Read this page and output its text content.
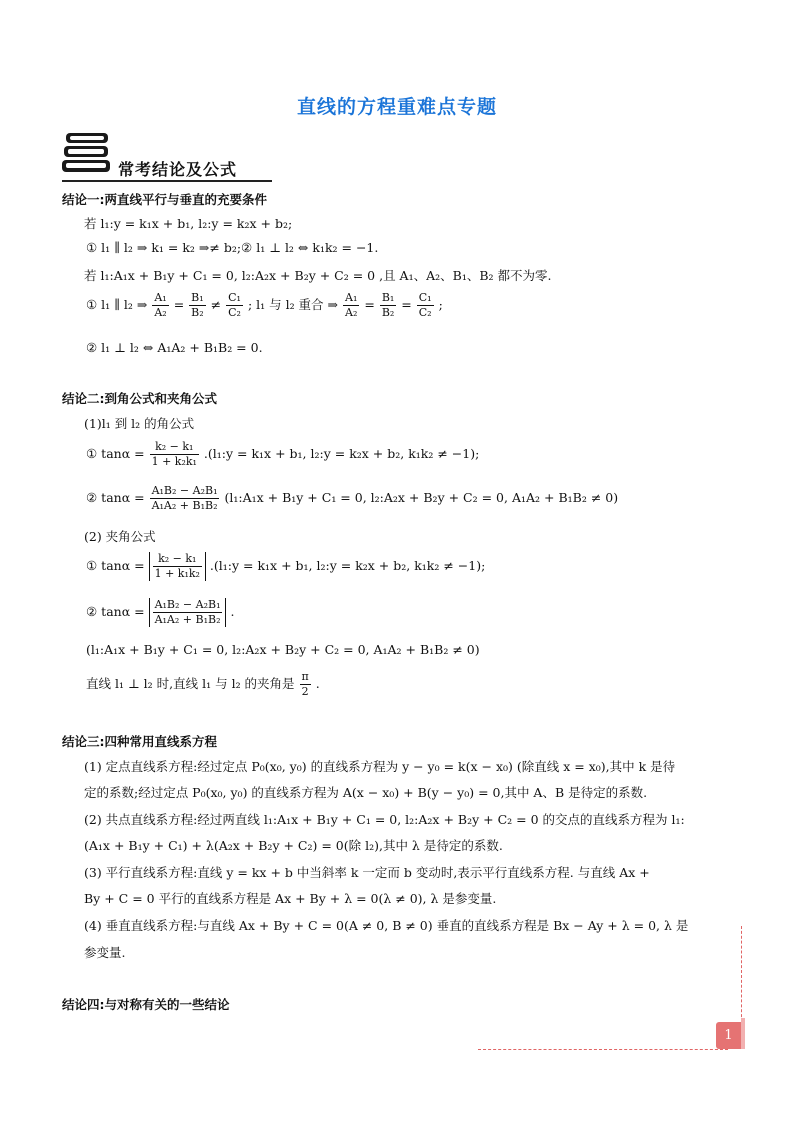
直线的方程重难点专题
常考结论及公式
结论一:两直线平行与垂直的充要条件
若 l₁:y = k₁x + b₁, l₂:y = k₂x + b₂;
① l₁ ∥ l₂ ⇒ k₁ = k₂ ⇒≠ b₂;② l₁ ⊥ l₂ ⇔ k₁k₂ = −1.
若 l₁:A₁x + B₁y + C₁ = 0, l₂:A₂x + B₂y + C₂ = 0 ,且 A₁、A₂、B₁、B₂ 都不为零.
① l₁ ∥ l₂ ⇒ $\frac{\text{A₁}}{\text{A₂}} = \frac{\text{B₁}}{\text{B₂}} \ne \frac{\text{C₁}}{\text{C₂}}$ ; l₁ 与 l₂ 重合 ⇒ $\frac{\text{A₁}}{\text{A₂}} = \frac{\text{B₁}}{\text{B₂}} = \frac{\text{C₁}}{\text{C₂}}$ ;
② l₁ ⊥ l₂ ⇔ A₁A₂ + B₁B₂ = 0.
结论二:到角公式和夹角公式
(1)l₁ 到 l₂ 的角公式
① $\tan\alpha = \frac{\text{k₂ − k₁}}{\text{1 + k₂k₁}}$ .(l₁:y = k₁x + b₁, l₂:y = k₂x + b₂, k₁k₂ ≠ −1);
② $\tan\alpha = \frac{\text{A₁B₂ − A₂B₁}}{\text{A₁A₂ + B₁B₂}}$ (l₁:A₁x + B₁y + C₁ = 0, l₂:A₂x + B₂y + C₂ = 0, A₁A₂ + B₁B₂ ≠ 0)
(2) 夹角公式
① $\tan\alpha = \frac{\text{k₂ − k₁}}{\text{1 + k₁k₂}}$ .(l₁:y = k₁x + b₁, l₂:y = k₂x + b₂, k₁k₂ ≠ −1);
② $\tan\alpha = \frac{\text{A₁B₂ − A₂B₁}}{\text{A₁A₂ + B₁B₂}}$ .
(l₁:A₁x + B₁y + C₁ = 0, l₂:A₂x + B₂y + C₂ = 0, A₁A₂ + B₁B₂ ≠ 0)
直线 l₁ ⊥ l₂ 时,直线 l₁ 与 l₂ 的夹角是 $\frac{\pi}{2}$ .
结论三:四种常用直线系方程
(1) 定点直线系方程:经过定点 P₀(x₀, y₀) 的直线系方程为 y − y₀ = k(x − x₀) (除直线 x = x₀),其中 k 是待
定的系数;经过定点 P₀(x₀, y₀) 的直线系方程为 A(x − x₀) + B(y − y₀) = 0,其中 A、B 是待定的系数.
(2) 共点直线系方程:经过两直线 l₁:A₁x + B₁y + C₁ = 0, l₂:A₂x + B₂y + C₂ = 0 的交点的直线系方程为 l₁:
(A₁x + B₁y + C₁) + λ(A₂x + B₂y + C₂) = 0(除 l₂),其中 λ 是待定的系数.
(3) 平行直线系方程:直线 y = kx + b 中当斜率 k 一定而 b 变动时,表示平行直线系方程. 与直线 Ax +
By + C = 0 平行的直线系方程是 Ax + By + λ = 0(λ ≠ 0), λ 是参变量.
(4) 垂直直线系方程:与直线 Ax + By + C = 0(A ≠ 0, B ≠ 0) 垂直的直线系方程是 Bx − Ay + λ = 0, λ 是
参变量.
结论四:与对称有关的一些结论
1
